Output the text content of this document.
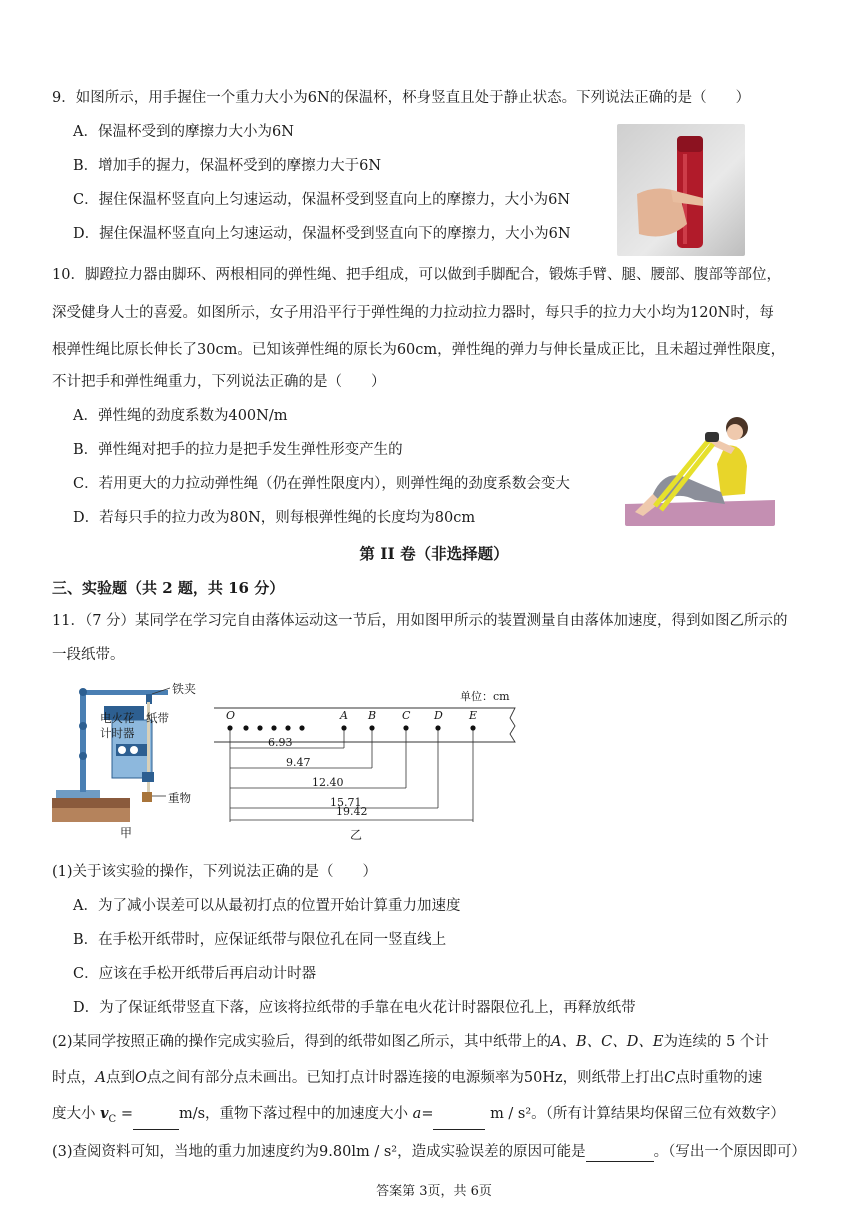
9．如图所示，用手握住一个重力大小为6N的保温杯，杯身竖直且处于静止状态。下列说法正确的是（　　）
A．保温杯受到的摩擦力大小为6N
B．增加手的握力，保温杯受到的摩擦力大于6N
C．握住保温杯竖直向上匀速运动，保温杯受到竖直向上的摩擦力，大小为6N
D．握住保温杯竖直向上匀速运动，保温杯受到竖直向下的摩擦力，大小为6N
10．脚蹬拉力器由脚环、两根相同的弹性绳、把手组成，可以做到手脚配合，锻炼手臂、腿、腰部、腹部等部位，
深受健身人士的喜爱。如图所示，女子用沿平行于弹性绳的力拉动拉力器时，每只手的拉力大小均为120N时，每
根弹性绳比原长伸长了30cm。已知该弹性绳的原长为60cm，弹性绳的弹力与伸长量成正比，且未超过弹性限度，
不计把手和弹性绳重力，下列说法正确的是（　　）
A．弹性绳的劲度系数为400N/m
B．弹性绳对把手的拉力是把手发生弹性形变产生的
C．若用更大的力拉动弹性绳（仍在弹性限度内），则弹性绳的劲度系数会变大
D．若每只手的拉力改为80N，则每根弹性绳的长度均为80cm
第 II 卷（非选择题）
三、实验题（共 2 题，共 16 分）
11．（7 分）某同学在学习完自由落体运动这一节后，用如图甲所示的装置测量自由落体加速度，得到如图乙所示的
一段纸带。
铁夹
电火花
计时器
纸带
重物
甲
单位：cm
O	A B C D E
6.93
9.47
12.40
15.71
19.42
乙
(1)关于该实验的操作，下列说法正确的是（　　）
A．为了减小误差可以从最初打点的位置开始计算重力加速度
B．在手松开纸带时，应保证纸带与限位孔在同一竖直线上
C．应该在手松开纸带后再启动计时器
D．为了保证纸带竖直下落，应该将拉纸带的手靠在电火花计时器限位孔上，再释放纸带
(2)某同学按照正确的操作完成实验后，得到的纸带如图乙所示，其中纸带上的A、B、C、D、E为连续的 5 个计
时点，A点到O点之间有部分点未画出。已知打点计时器连接的电源频率为50Hz，则纸带上打出C点时重物的速
度大小 $v_C$ =	m/s，重物下落过程中的加速度大小 a=	m / s²。（所有计算结果均保留三位有效数字）
(3)查阅资料可知，当地的重力加速度约为9.80lm / s²，造成实验误差的原因可能是	。（写出一个原因即可）
答案第 3页，共 6页
